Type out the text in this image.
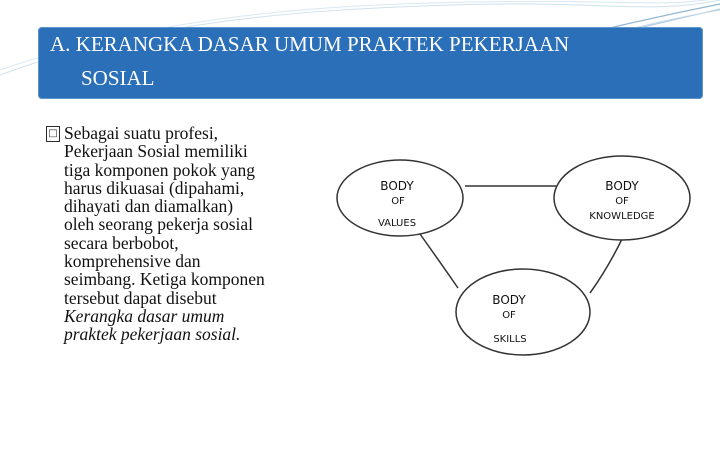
A. KERANGKA DASAR UMUM PRAKTEK PEKERJAAN
SOSIAL
□ Sebagai suatu profesi,
Pekerjaan Sosial memiliki
tiga komponen pokok yang
harus dikuasai (dipahami,
dihayati dan diamalkan)
oleh seorang pekerja sosial
secara berbobot,
komprehensive dan
seimbang. Ketiga komponen
tersebut dapat disebut
Kerangka dasar umum
praktek pekerjaan sosial.
BODY
OF
VALUES
BODY
OF
KNOWLEDGE
BODY
OF
SKILLS
